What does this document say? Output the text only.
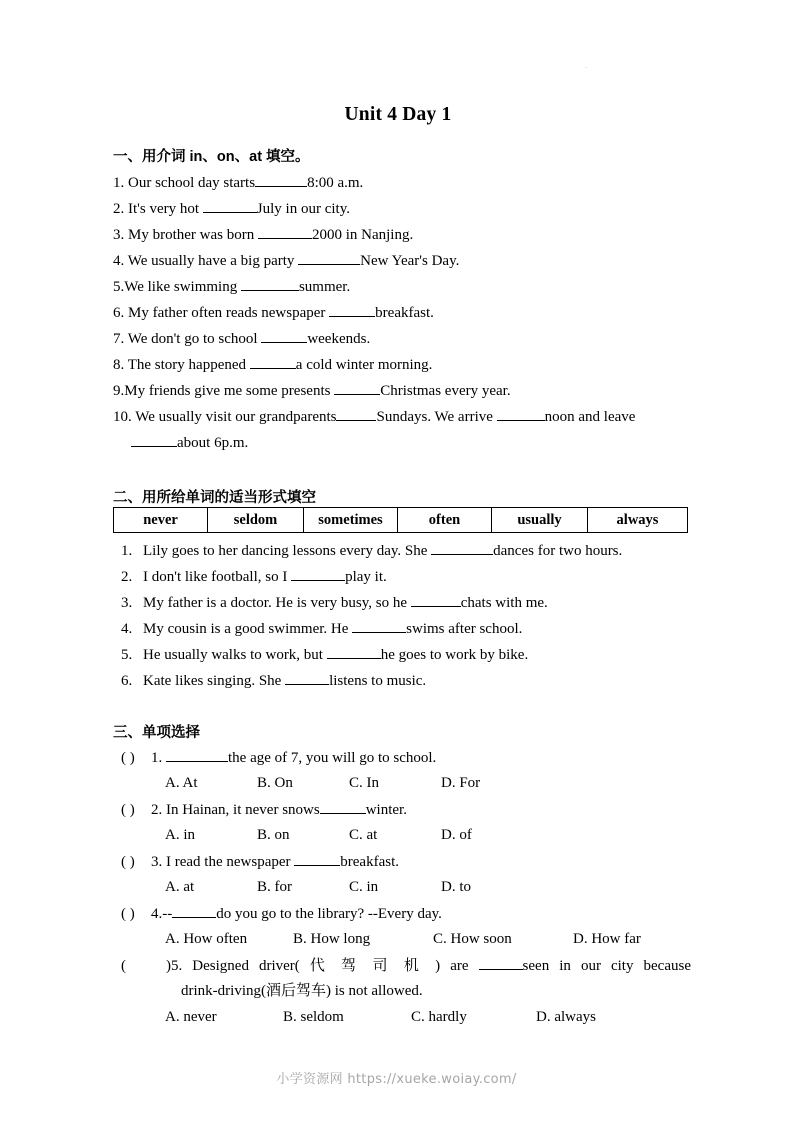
.
Unit 4 Day 1
一、用介词 in、on、at 填空。
1. Our school day starts	8:00 a.m.
2. It's very hot	July in our city.
3. My brother was born	2000 in Nanjing.
4. We usually have a big party	New Year's Day.
5.We like swimming	summer.
6. My father often reads newspaper	breakfast.
7. We don't go to school	weekends.
8. The story happened	a cold winter morning.
9.My friends give me some presents	Christmas every year.
10. We usually visit our grandparents	Sundays. We arrive	noon and leave
about 6p.m.
二、用所给单词的适当形式填空
never	seldom	sometimes	often	usually	always
1. Lily goes to her dancing lessons every day. She	dances for two hours.
2. I don't like football, so I	play it.
3. My father is a doctor. He is very busy, so he	chats with me.
4. My cousin is a good swimmer. He	swims after school.
5. He usually walks to work, but	he goes to work by bike.
6. Kate likes singing. She	listens to music.
三、单项选择
( ) 1.	the age of 7, you will go to school.
A. At	B. On	C. In	D. For
( ) 2. In Hainan, it never snows	winter.
A. in	B. on	C. at	D. of
( ) 3. I read the newspaper	breakfast.
A. at	B. for	C. in	D. to
( ) 4.--	do you go to the library? --Every day.
A. How often	B. How long	C. How soon	D. How far
( )5. Designed driver( 代 驾 司 机 ) are	seen in our city because
drink-driving(酒后驾车) is not allowed.
A. never	B. seldom	C. hardly	D. always
小学资源网 https://xueke.woiay.com/
